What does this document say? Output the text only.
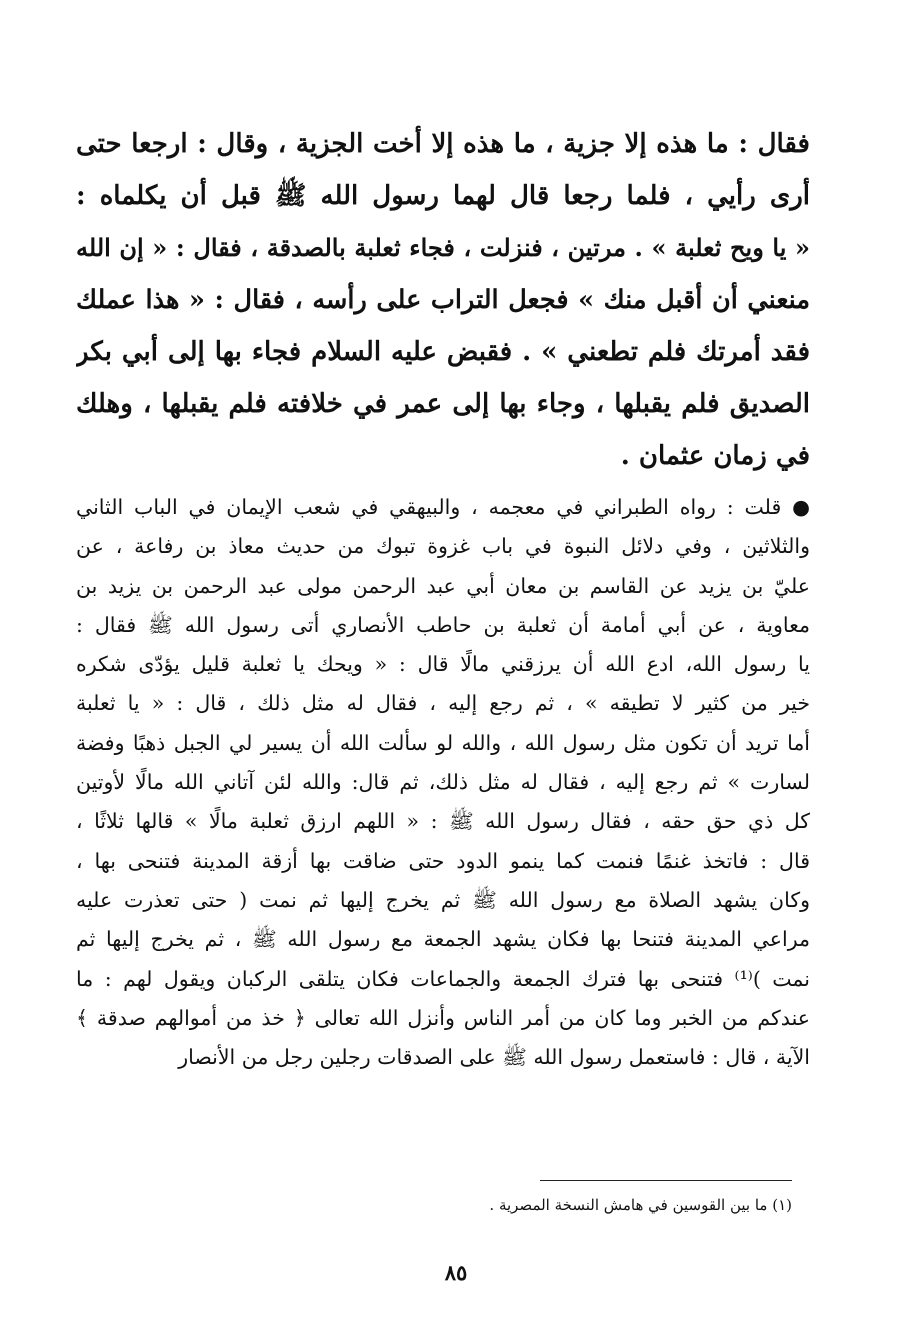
فقال : ما هذه إلا جزية ، ما هذه إلا أخت الجزية ، وقال : ارجعا حتى
أرى رأيي ، فلما رجعا قال لهما رسول الله ﷺ قبل أن يكلماه :
« يا ويح ثعلبة » . مرتين ، فنزلت ، فجاء ثعلبة بالصدقة ، فقال : « إن الله
منعني أن أقبل منك » فجعل التراب على رأسه ، فقال : « هذا عملك
فقد أمرتك فلم تطعني » . فقبض عليه السلام فجاء بها إلى أبي بكر
الصديق فلم يقبلها ، وجاء بها إلى عمر في خلافته فلم يقبلها ، وهلك
في زمان عثمان .
● قلت : رواه الطبراني في معجمه ، والبيهقي في شعب الإيمان في الباب الثاني
والثلاثين ، وفي دلائل النبوة في باب غزوة تبوك من حديث معاذ بن رفاعة ، عن
عليّ بن يزيد عن القاسم بن معان أبي عبد الرحمن مولى عبد الرحمن بن يزيد بن
معاوية ، عن أبي أمامة أن ثعلبة بن حاطب الأنصاري أتى رسول الله ﷺ فقال :
يا رسول الله، ادع الله أن يرزقني مالًا قال : « ويحك يا ثعلبة قليل يؤدّى شكره
خير من كثير لا تطيقه » ، ثم رجع إليه ، فقال له مثل ذلك ، قال : « يا ثعلبة
أما تريد أن تكون مثل رسول الله ، والله لو سألت الله أن يسير لي الجبل ذهبًا وفضة
لسارت » ثم رجع إليه ، فقال له مثل ذلك، ثم قال: والله لئن آتاني الله مالًا لأوتين
كل ذي حق حقه ، فقال رسول الله ﷺ : « اللهم ارزق ثعلبة مالًا » قالها ثلاثًا ،
قال : فاتخذ غنمًا فنمت كما ينمو الدود حتى ضاقت بها أزقة المدينة فتنحى بها ،
وكان يشهد الصلاة مع رسول الله ﷺ ثم يخرج إليها ثم نمت ( حتى تعذرت عليه
مراعي المدينة فتنحا بها فكان يشهد الجمعة مع رسول الله ﷺ ، ثم يخرج إليها ثم
نمت )⁽¹⁾ فتنحى بها فترك الجمعة والجماعات فكان يتلقى الركبان ويقول لهم : ما
عندكم من الخبر وما كان من أمر الناس وأنزل الله تعالى ﴿ خذ من أموالهم صدقة ﴾
الآية ، قال : فاستعمل رسول الله ﷺ على الصدقات رجلين رجل من الأنصار
(١) ما بين القوسين في هامش النسخة المصرية .
٨٥
